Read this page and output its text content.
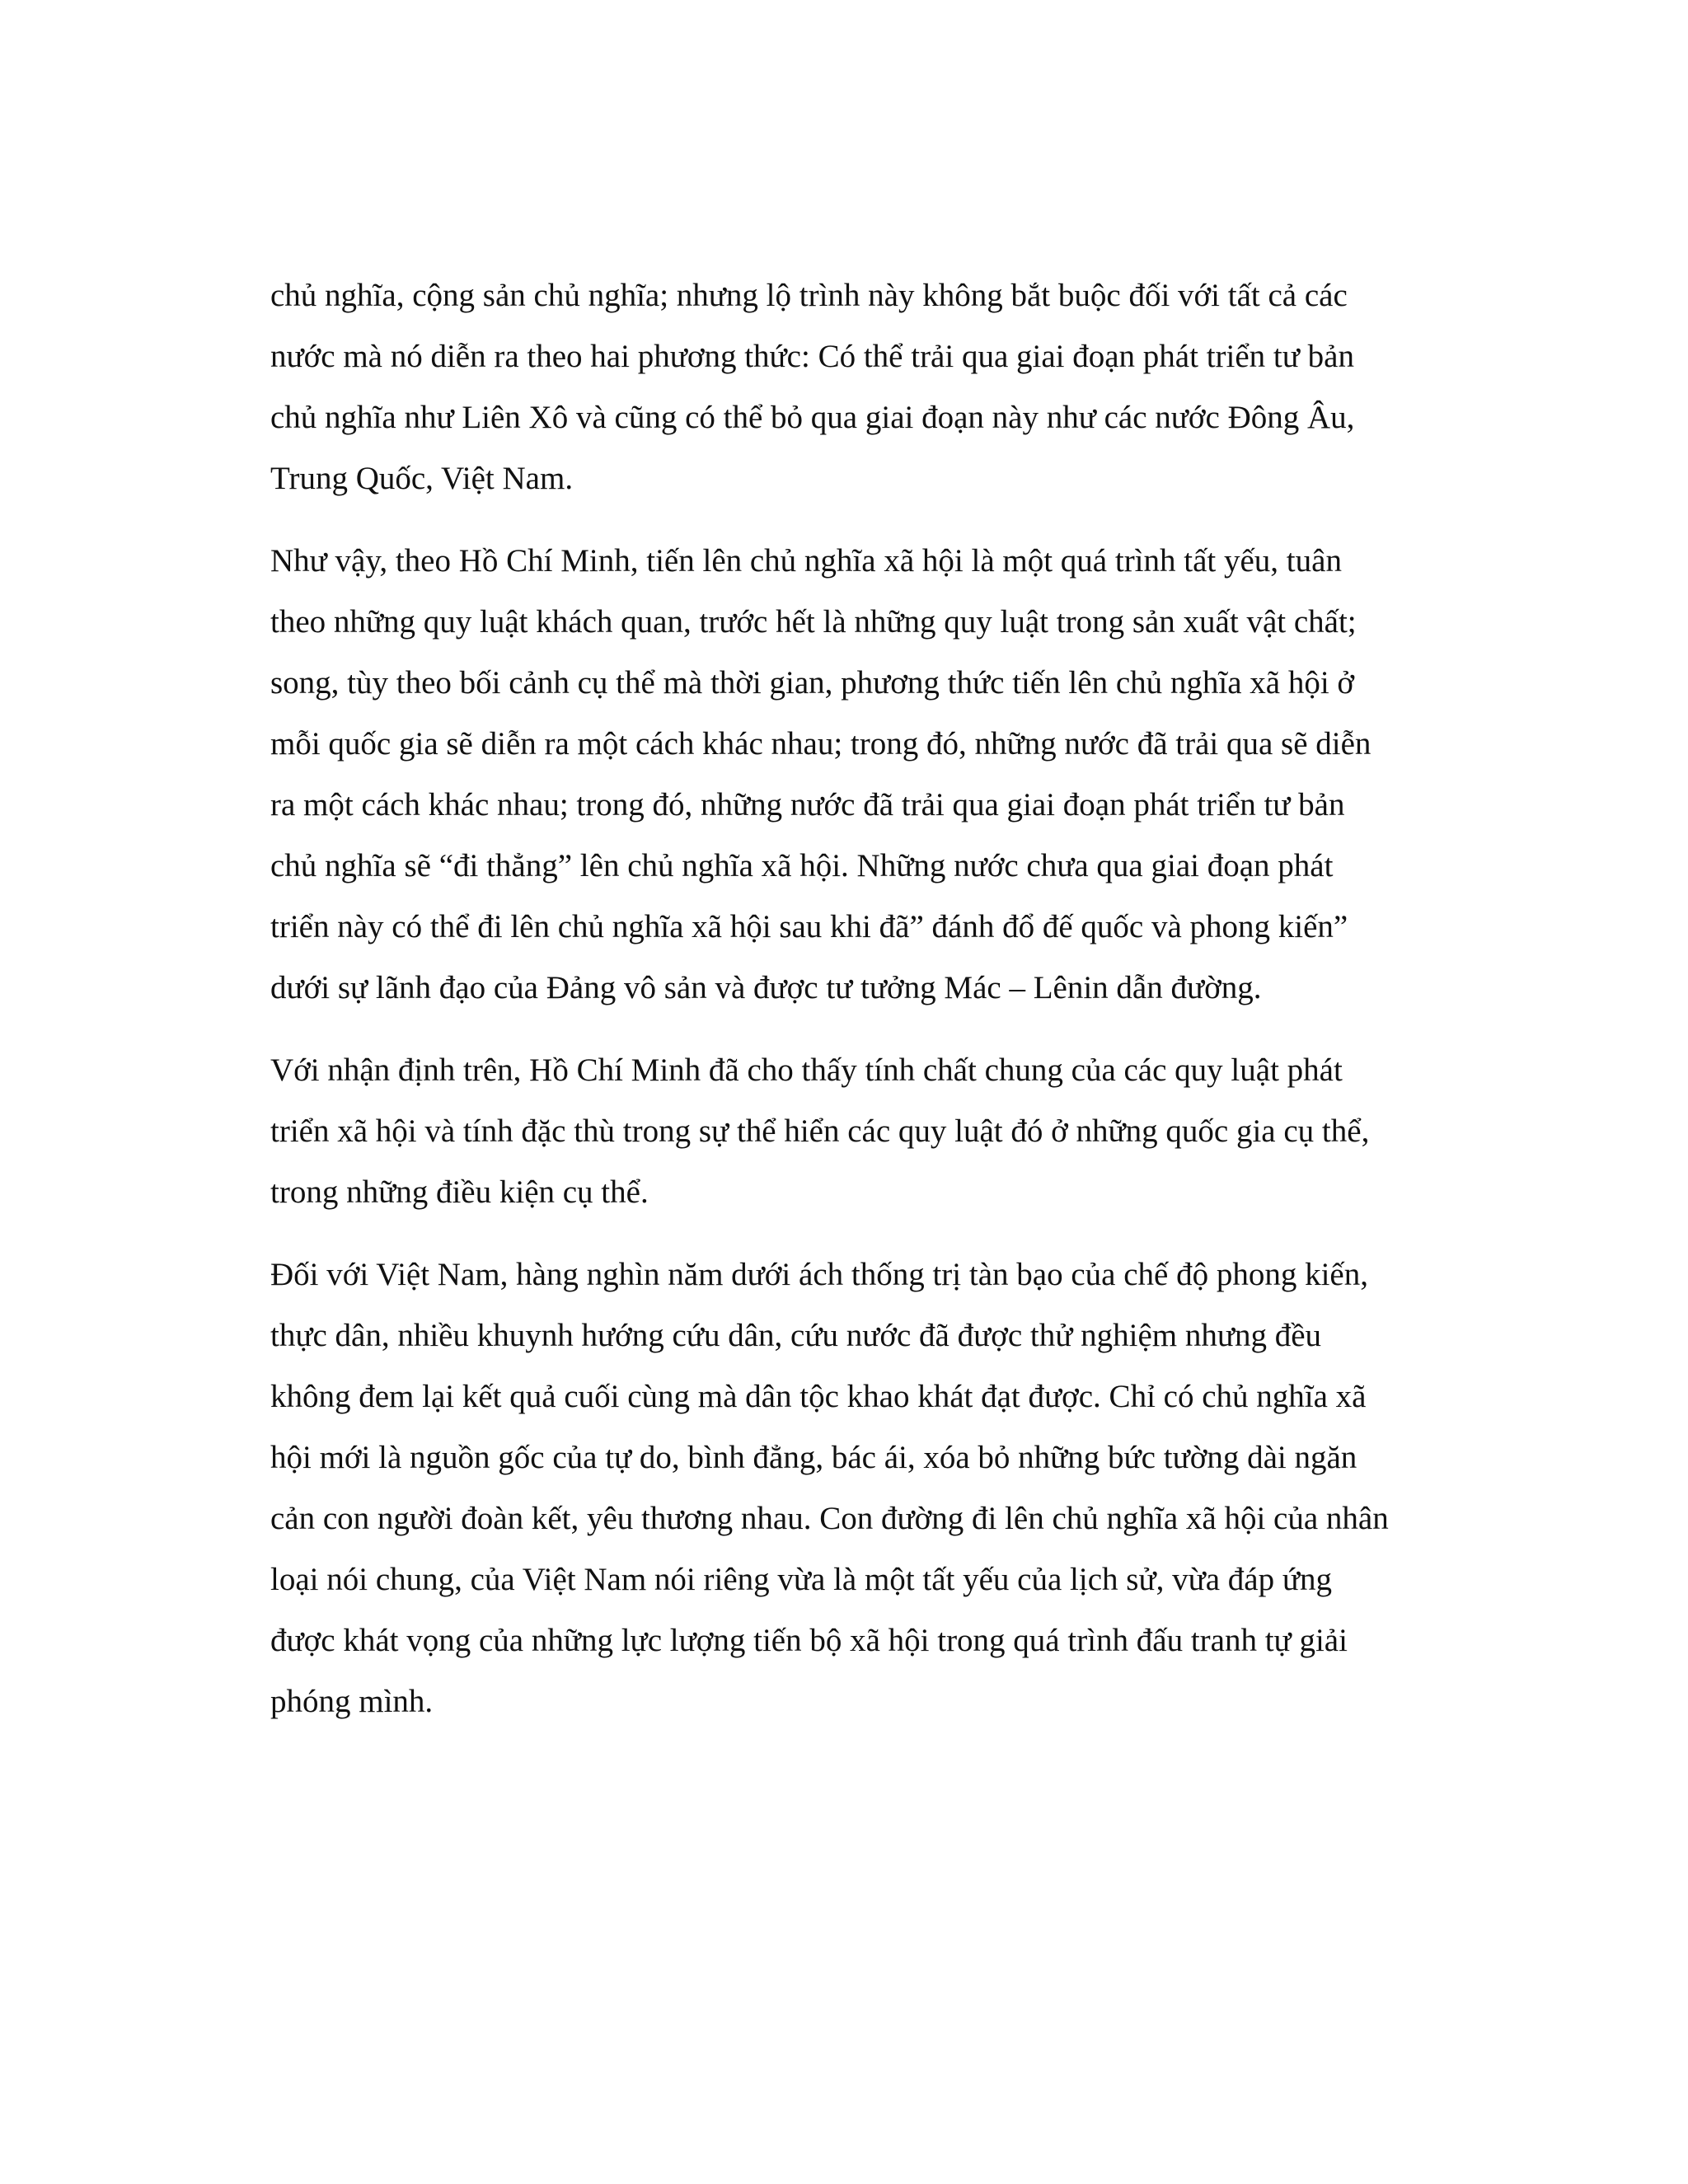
chủ nghĩa, cộng sản chủ nghĩa; nhưng lộ trình này không bắt buộc đối với tất cả các
nước mà nó diễn ra theo hai phương thức: Có thể trải qua giai đoạn phát triển tư bản
chủ nghĩa như Liên Xô và cũng có thể bỏ qua giai đoạn này như các nước Đông Âu,
Trung Quốc, Việt Nam.

Như vậy, theo Hồ Chí Minh, tiến lên chủ nghĩa xã hội là một quá trình tất yếu, tuân
theo những quy luật khách quan, trước hết là những quy luật trong sản xuất vật chất;
song, tùy theo bối cảnh cụ thể mà thời gian, phương thức tiến lên chủ nghĩa xã hội ở
mỗi quốc gia sẽ diễn ra một cách khác nhau; trong đó, những nước đã trải qua sẽ diễn
ra một cách khác nhau; trong đó, những nước đã trải qua giai đoạn phát triển tư bản
chủ nghĩa sẽ “đi thẳng” lên chủ nghĩa xã hội. Những nước chưa qua giai đoạn phát
triển này có thể đi lên chủ nghĩa xã hội sau khi đã” đánh đổ đế quốc và phong kiến”
dưới sự lãnh đạo của Đảng vô sản và được tư tưởng Mác – Lênin dẫn đường.

Với nhận định trên, Hồ Chí Minh đã cho thấy tính chất chung của các quy luật phát
triển xã hội và tính đặc thù trong sự thể hiển các quy luật đó ở những quốc gia cụ thể,
trong những điều kiện cụ thể.

Đối với Việt Nam, hàng nghìn năm dưới ách thống trị tàn bạo của chế độ phong kiến,
thực dân, nhiều khuynh hướng cứu dân, cứu nước đã được thử nghiệm nhưng đều
không đem lại kết quả cuối cùng mà dân tộc khao khát đạt được. Chỉ có chủ nghĩa xã
hội mới là nguồn gốc của tự do, bình đẳng, bác ái, xóa bỏ những bức tường dài ngăn
cản con người đoàn kết, yêu thương nhau. Con đường đi lên chủ nghĩa xã hội của nhân
loại nói chung, của Việt Nam nói riêng vừa là một tất yếu của lịch sử, vừa đáp ứng
được khát vọng của những lực lượng tiến bộ xã hội trong quá trình đấu tranh tự giải
phóng mình.
